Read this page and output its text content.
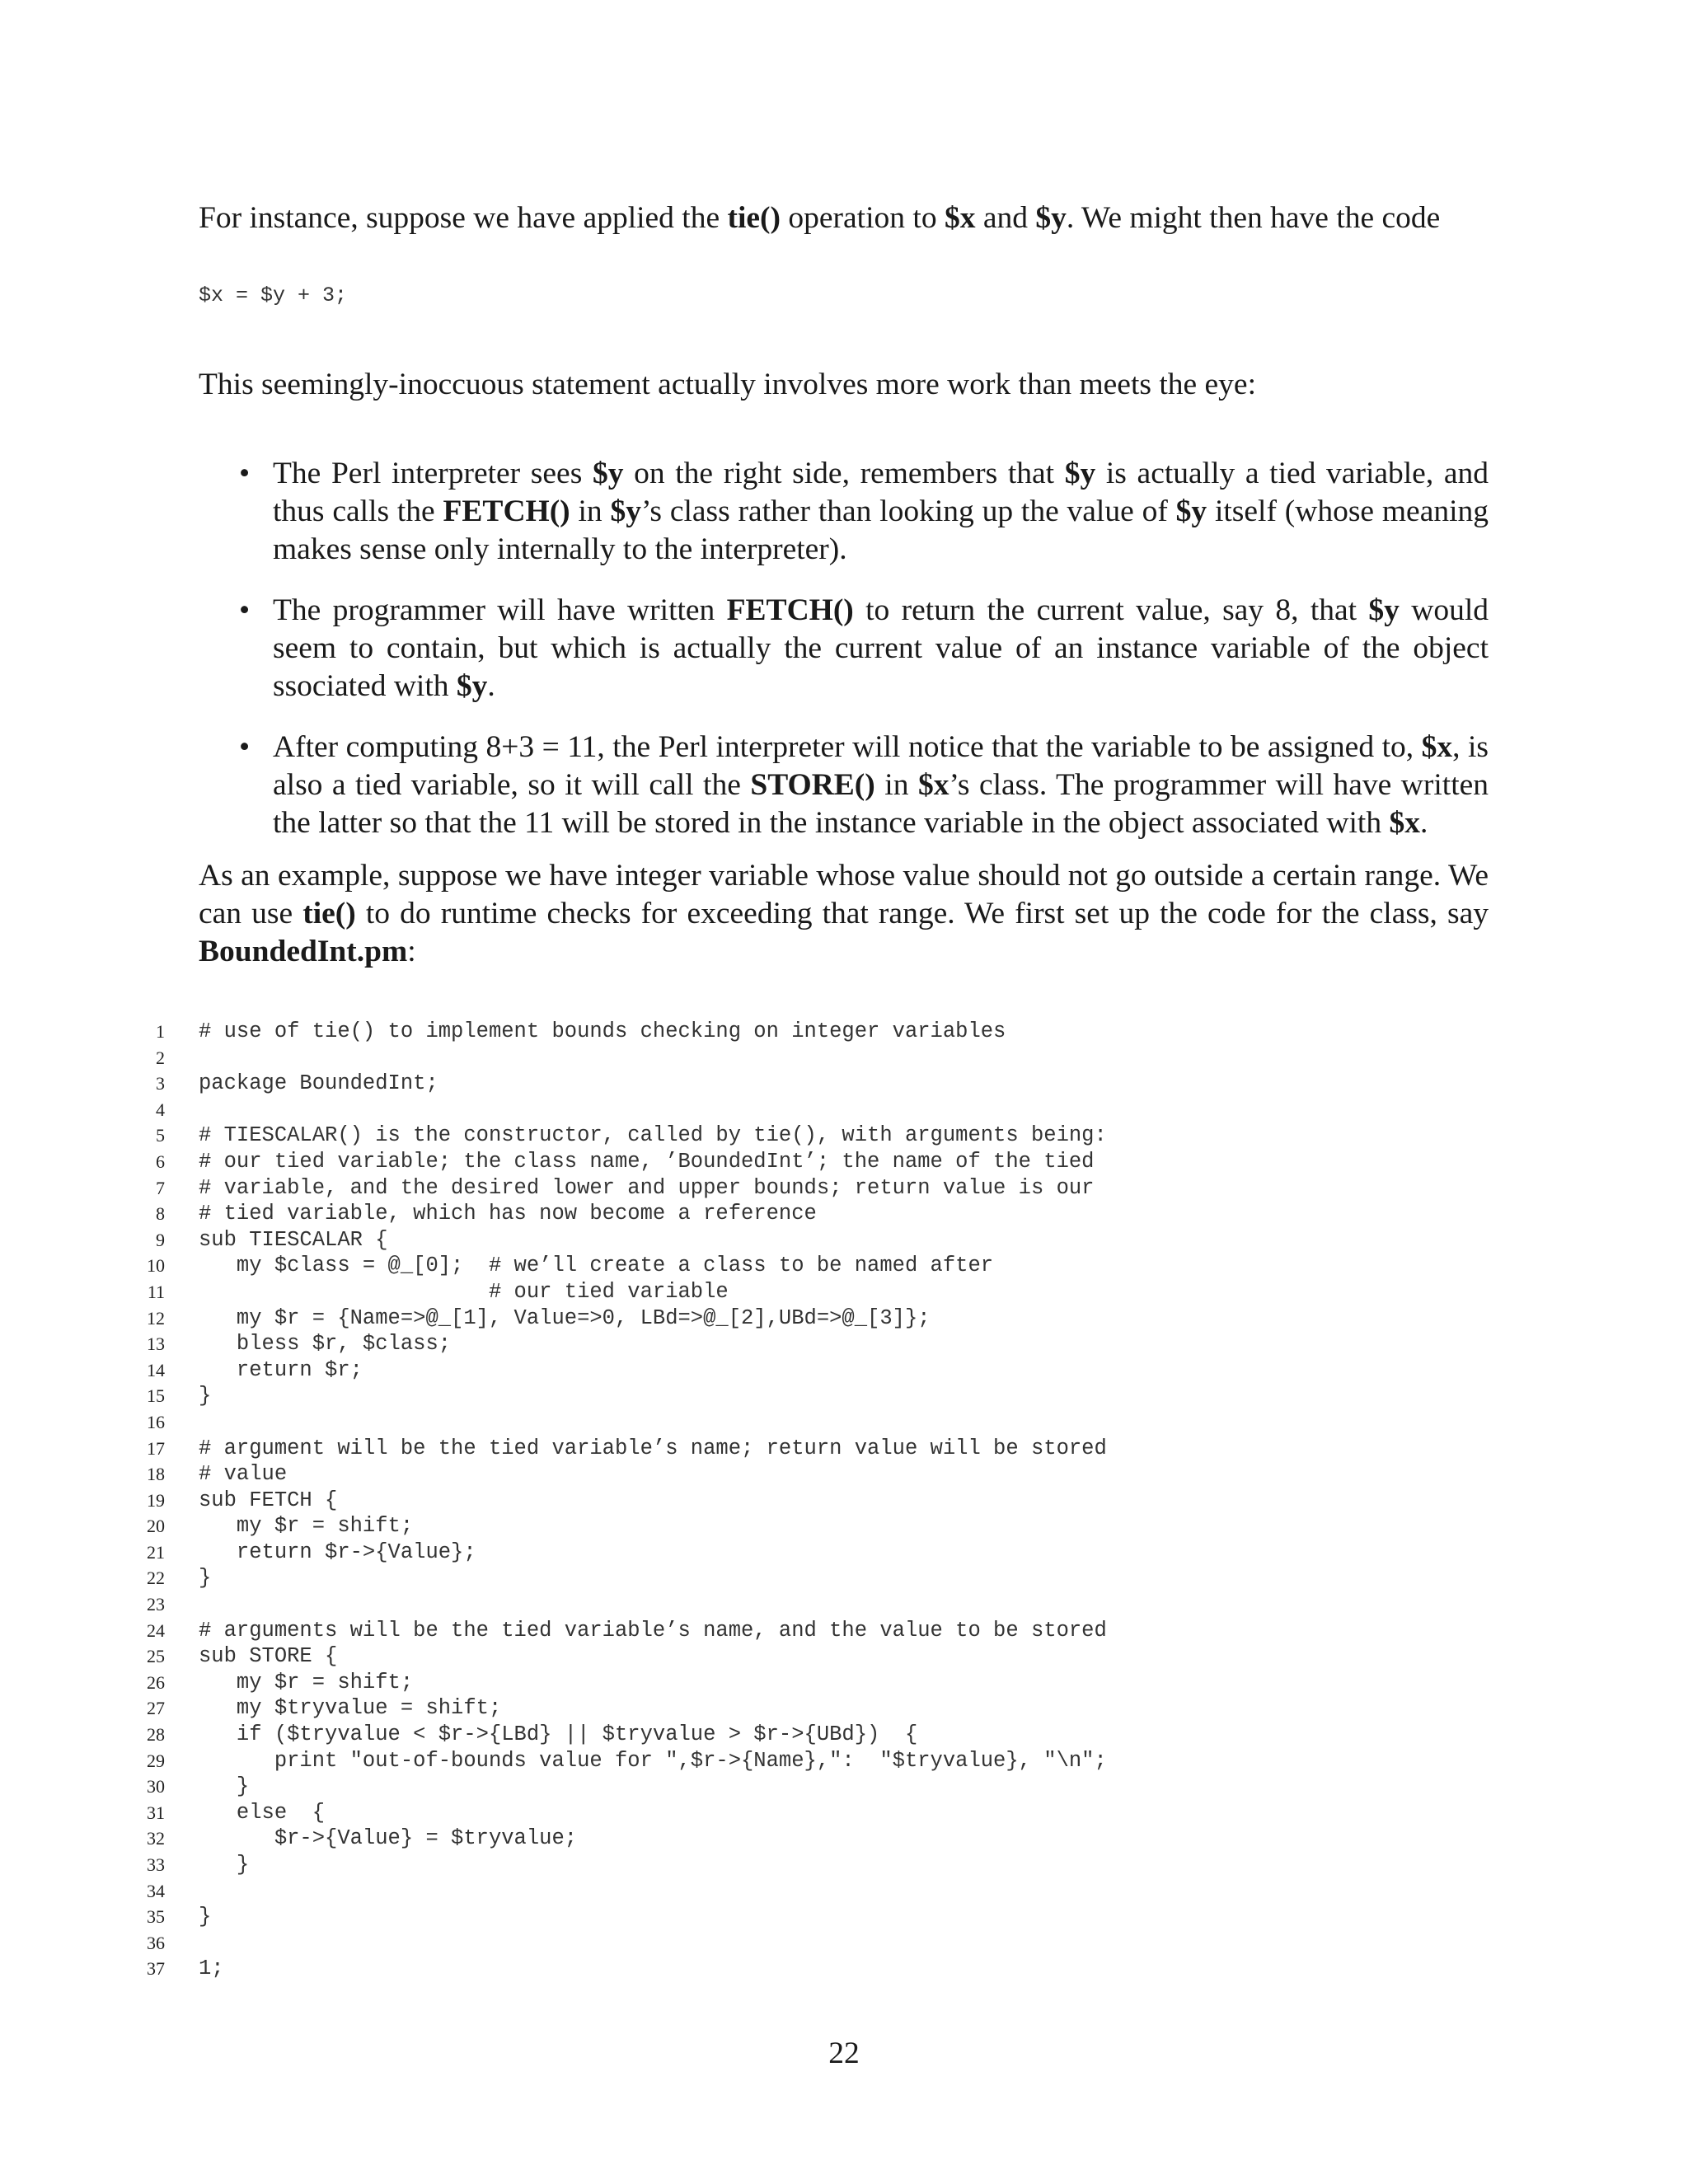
For instance, suppose we have applied the tie() operation to $x and $y. We might then have the code

$x = $y + 3;

This seemingly-inoccuous statement actually involves more work than meets the eye:

• The Perl interpreter sees $y on the right side, remembers that $y is actually a tied variable, and thus calls the FETCH() in $y’s class rather than looking up the value of $y itself (whose meaning makes sense only internally to the interpreter).
• The programmer will have written FETCH() to return the current value, say 8, that $y would seem to contain, but which is actually the current value of an instance variable of the object ssociated with $y.
• After computing 8+3 = 11, the Perl interpreter will notice that the variable to be assigned to, $x, is also a tied variable, so it will call the STORE() in $x’s class. The programmer will have written the latter so that the 11 will be stored in the instance variable in the object associated with $x.

As an example, suppose we have integer variable whose value should not go outside a certain range. We can use tie() to do runtime checks for exceeding that range. We first set up the code for the class, say BoundedInt.pm:

1 # use of tie() to implement bounds checking on integer variables
2
3 package BoundedInt;
4
5 # TIESCALAR() is the constructor, called by tie(), with arguments being:
6 # our tied variable; the class name, ’BoundedInt’; the name of the tied
7 # variable, and the desired lower and upper bounds; return value is our
8 # tied variable, which has now become a reference
9 sub TIESCALAR {
10 my $class = @_[0];  # we’ll create a class to be named after
11 # our tied variable
12 my $r = {Name=>@_[1], Value=>0, LBd=>@_[2],UBd=>@_[3]};
13 bless $r, $class;
14 return $r;
15 }
16
17 # argument will be the tied variable’s name; return value will be stored
18 # value
19 sub FETCH {
20 my $r = shift;
21 return $r->{Value};
22 }
23
24 # arguments will be the tied variable’s name, and the value to be stored
25 sub STORE {
26 my $r = shift;
27 my $tryvalue = shift;
28 if ($tryvalue < $r->{LBd} || $tryvalue > $r->{UBd})  {
29 print "out-of-bounds value for ",$r->{Name},":  "$tryvalue}, "\n";
30 }
31 else  {
32 $r->{Value} = $tryvalue;
33 }
34
35 }
36
37 1;
22
